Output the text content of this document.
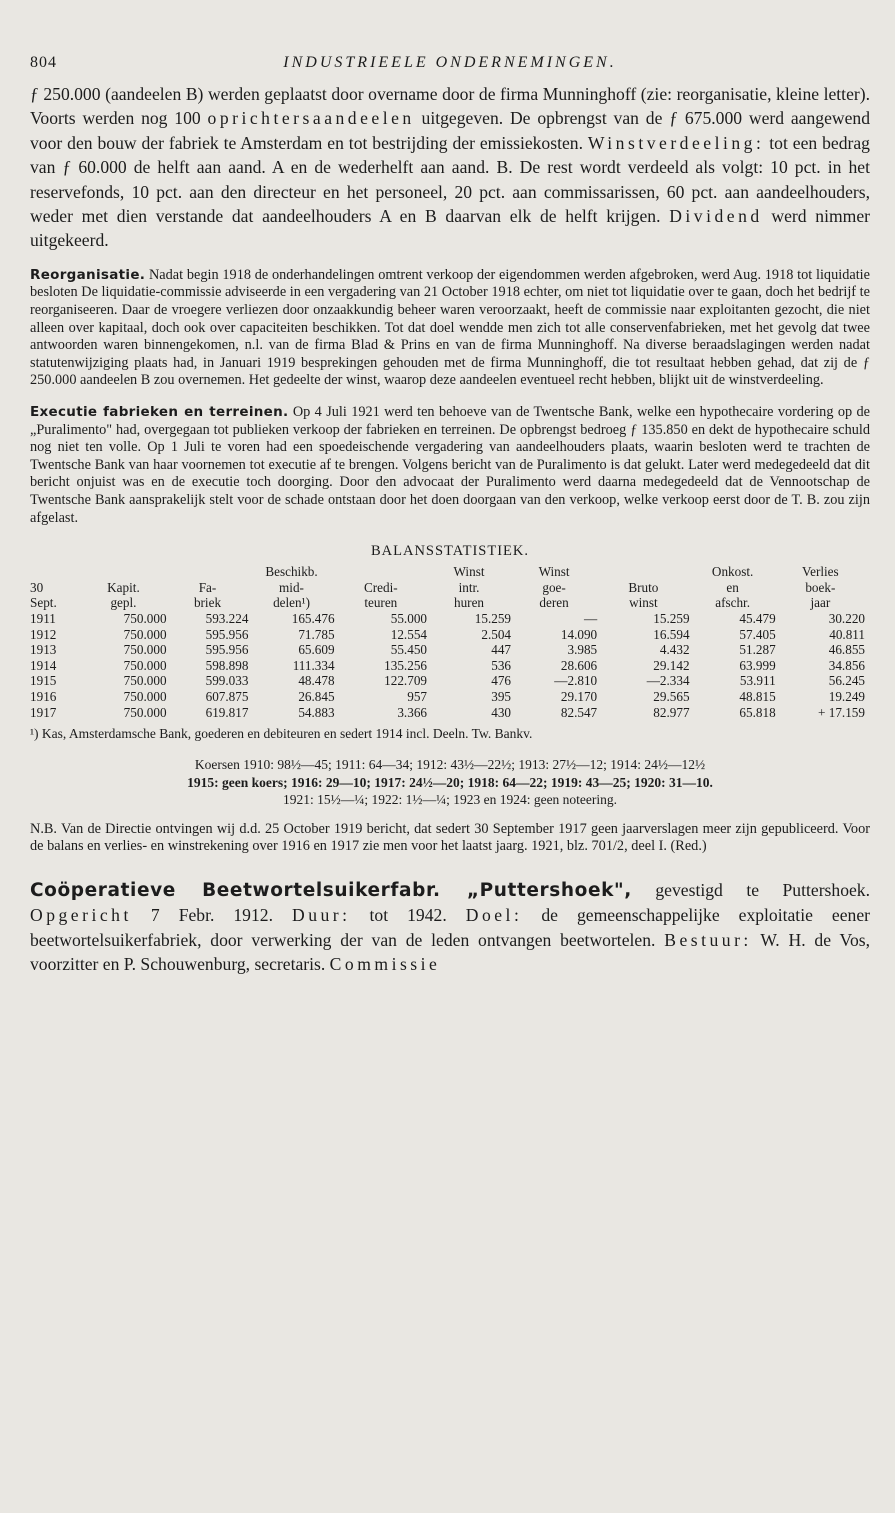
804	INDUSTRIEELE ONDERNEMINGEN.

ƒ 250.000 (aandeelen B) werden geplaatst door overname door de firma Munninghoff (zie: reorganisatie, kleine letter). Voorts werden nog 100 oprichtersaandeelen uitgegeven. De opbrengst van de ƒ 675.000 werd aangewend voor den bouw der fabriek te Amsterdam en tot bestrijding der emissiekosten. Winstverdeeling: tot een bedrag van ƒ 60.000 de helft aan aand. A en de wederhelft aan aand. B. De rest wordt verdeeld als volgt: 10 pct. in het reservefonds, 10 pct. aan den directeur en het personeel, 20 pct. aan commissarissen, 60 pct. aan aandeelhouders, weder met dien verstande dat aandeelhouders A en B daarvan elk de helft krijgen. Dividend werd nimmer uitgekeerd.

Reorganisatie. Nadat begin 1918 de onderhandelingen omtrent verkoop der eigendommen werden afgebroken, werd Aug. 1918 tot liquidatie besloten De liquidatie-commissie adviseerde in een vergadering van 21 October 1918 echter, om niet tot liquidatie over te gaan, doch het bedrijf te reorganiseeren. Daar de vroegere verliezen door onzaakkundig beheer waren veroorzaakt, heeft de commissie naar exploitanten gezocht, die niet alleen over kapitaal, doch ook over capaciteiten beschikken. Tot dat doel wendde men zich tot alle conservenfabrieken, met het gevolg dat twee antwoorden waren binnengekomen, n.l. van de firma Blad & Prins en van de firma Munninghoff. Na diverse beraadslagingen werden nadat statutenwijziging plaats had, in Januari 1919 besprekingen gehouden met de firma Munninghoff, die tot resultaat hebben gehad, dat zij de ƒ 250.000 aandeelen B zou overnemen. Het gedeelte der winst, waarop deze aandeelen eventueel recht hebben, blijkt uit de winstverdeeling.

Executie fabrieken en terreinen. Op 4 Juli 1921 werd ten behoeve van de Twentsche Bank, welke een hypothecaire vordering op de „Puralimento" had, overgegaan tot publieken verkoop der fabrieken en terreinen. De opbrengst bedroeg ƒ 135.850 en dekt de hypothecaire schuld nog niet ten volle. Op 1 Juli te voren had een spoedeischende vergadering van aandeelhouders plaats, waarin besloten werd te trachten de Twentsche Bank van haar voornemen tot executie af te brengen. Volgens bericht van de Puralimento is dat gelukt. Later werd medegedeeld dat dit bericht onjuist was en de executie toch doorging. Door den advocaat der Puralimento werd daarna medegedeeld dat de Vennootschap de Twentsche Bank aansprakelijk stelt voor de schade ontstaan door het doen doorgaan van den verkoop, welke verkoop eerst door de T. B. zou zijn afgelast.

BALANSSTATISTIEK.
			Beschikb.		Winst	Winst		Onkost.	Verlies
30	Kapit.	Fa-	mid-	Credi-	intr.	goe-	Bruto	en	boek-
Sept.	gepl.	briek	delen¹)	teuren	huren	deren	winst	afschr.	jaar
1911	750.000	593.224	165.476	55.000	15.259	—	15.259	45.479	30.220
1912	750.000	595.956	71.785	12.554	2.504	14.090	16.594	57.405	40.811
1913	750.000	595.956	65.609	55.450	447	3.985	4.432	51.287	46.855
1914	750.000	598.898	111.334	135.256	536	28.606	29.142	63.999	34.856
1915	750.000	599.033	48.478	122.709	476	—2.810	—2.334	53.911	56.245
1916	750.000	607.875	26.845	957	395	29.170	29.565	48.815	19.249
1917	750.000	619.817	54.883	3.366	430	82.547	82.977	65.818	+ 17.159
¹) Kas, Amsterdamsche Bank, goederen en debiteuren en sedert 1914 incl. Deeln. Tw. Bankv.
Koersen 1910: 98½—45; 1911: 64—34; 1912: 43½—22½; 1913: 27½—12; 1914: 24½—12½
1915: geen koers; 1916: 29—10; 1917: 24½—20; 1918: 64—22; 1919: 43—25; 1920: 31—10.
1921: 15½—¼; 1922: 1½—¼; 1923 en 1924: geen noteering.

N.B. Van de Directie ontvingen wij d.d. 25 October 1919 bericht, dat sedert 30 September 1917 geen jaarverslagen meer zijn gepubliceerd. Voor de balans en verlies- en winstrekening over 1916 en 1917 zie men voor het laatst jaarg. 1921, blz. 701/2, deel I. (Red.)

Coöperatieve Beetwortelsuikerfabr. „Puttershoek", gevestigd te Puttershoek. Opgericht 7 Febr. 1912. Duur: tot 1942. Doel: de gemeenschappelijke exploitatie eener beetwortelsuikerfabriek, door verwerking der van de leden ontvangen beetwortelen. Bestuur: W. H. de Vos, voorzitter en P. Schouwenburg, secretaris. Commissie
